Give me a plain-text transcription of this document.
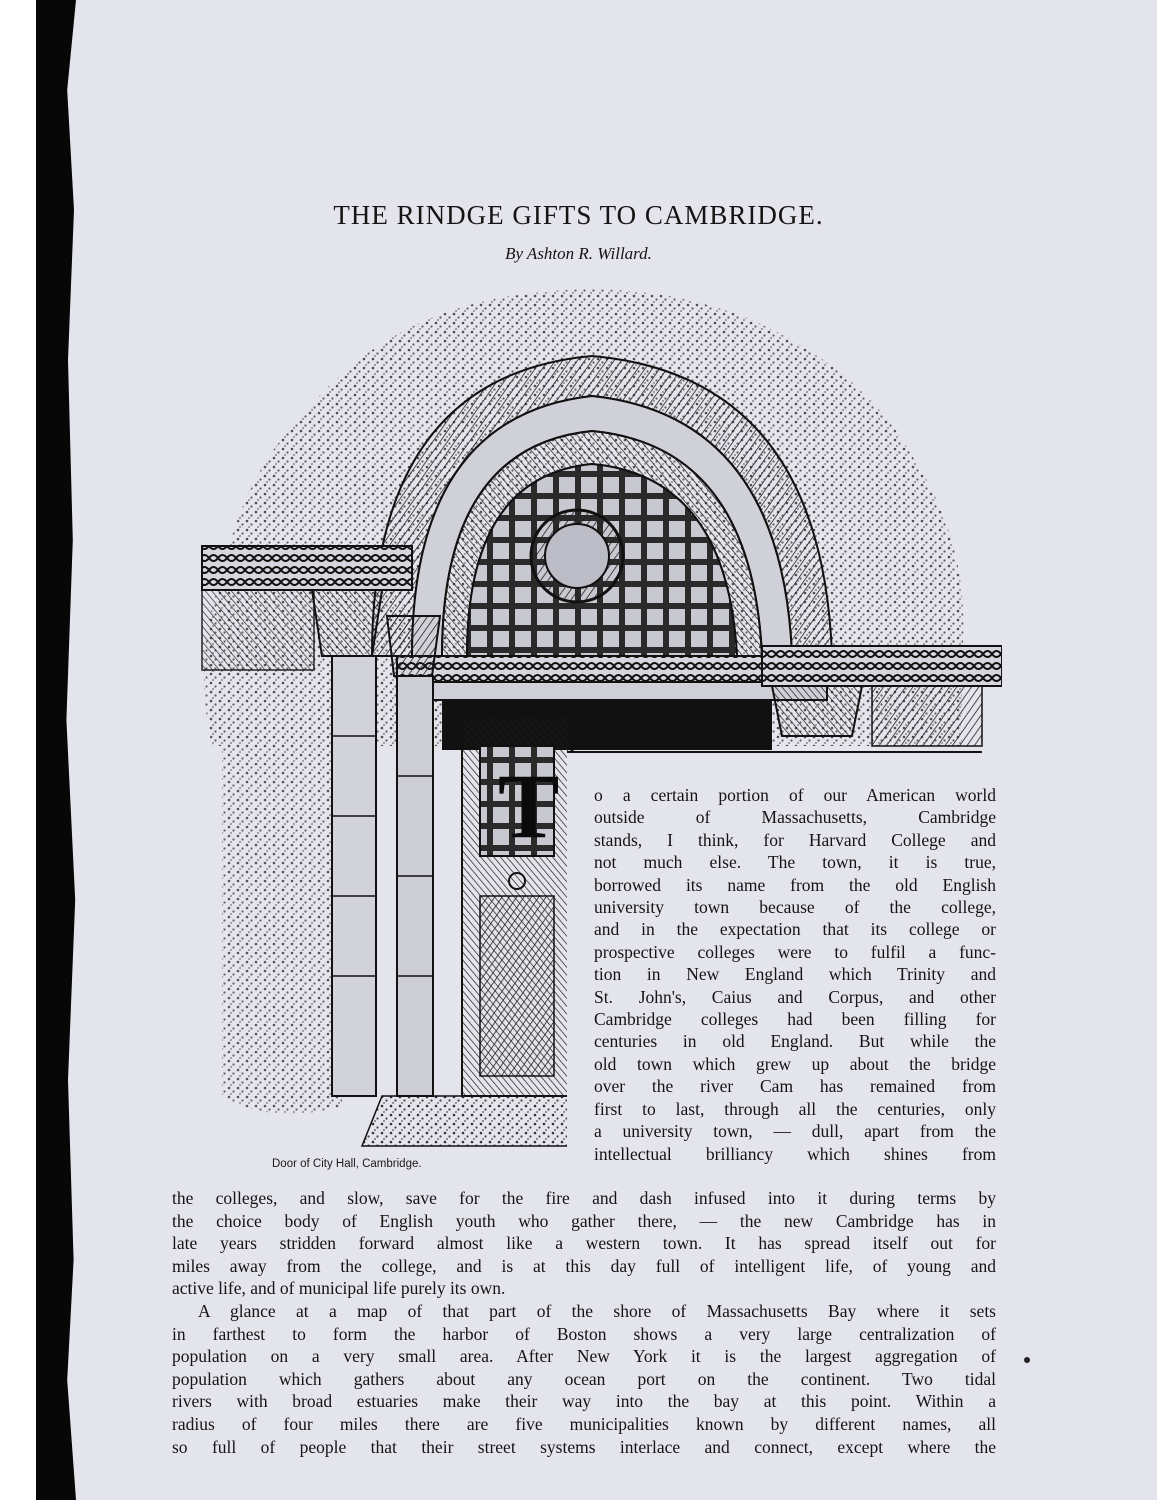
THE RINDGE GIFTS TO CAMBRIDGE.

By Ashton R. Willard.

T
Door of City Hall, Cambridge.

o a certain portion of our American world
outside of Massachusetts, Cambridge
stands, I think, for Harvard College and
not much else. The town, it is true,
borrowed its name from the old English
university town because of the college,
and in the expectation that its college or
prospective colleges were to fulfil a func-
tion in New England which Trinity and
St. John's, Caius and Corpus, and other
Cambridge colleges had been filling for
centuries in old England. But while the
old town which grew up about the bridge
over the river Cam has remained from
first to last, through all the centuries, only
a university town, — dull, apart from the
intellectual brilliancy which shines from

the colleges, and slow, save for the fire and dash infused into it during terms by
the choice body of English youth who gather there, — the new Cambridge has in
late years stridden forward almost like a western town. It has spread itself out for
miles away from the college, and is at this day full of intelligent life, of young and
active life, and of municipal life purely its own.
A glance at a map of that part of the shore of Massachusetts Bay where it sets
in farthest to form the harbor of Boston shows a very large centralization of
population on a very small area. After New York it is the largest aggregation of
population which gathers about any ocean port on the continent. Two tidal
rivers with broad estuaries make their way into the bay at this point. Within a
radius of four miles there are five municipalities known by different names, all
so full of people that their street systems interlace and connect, except where the
